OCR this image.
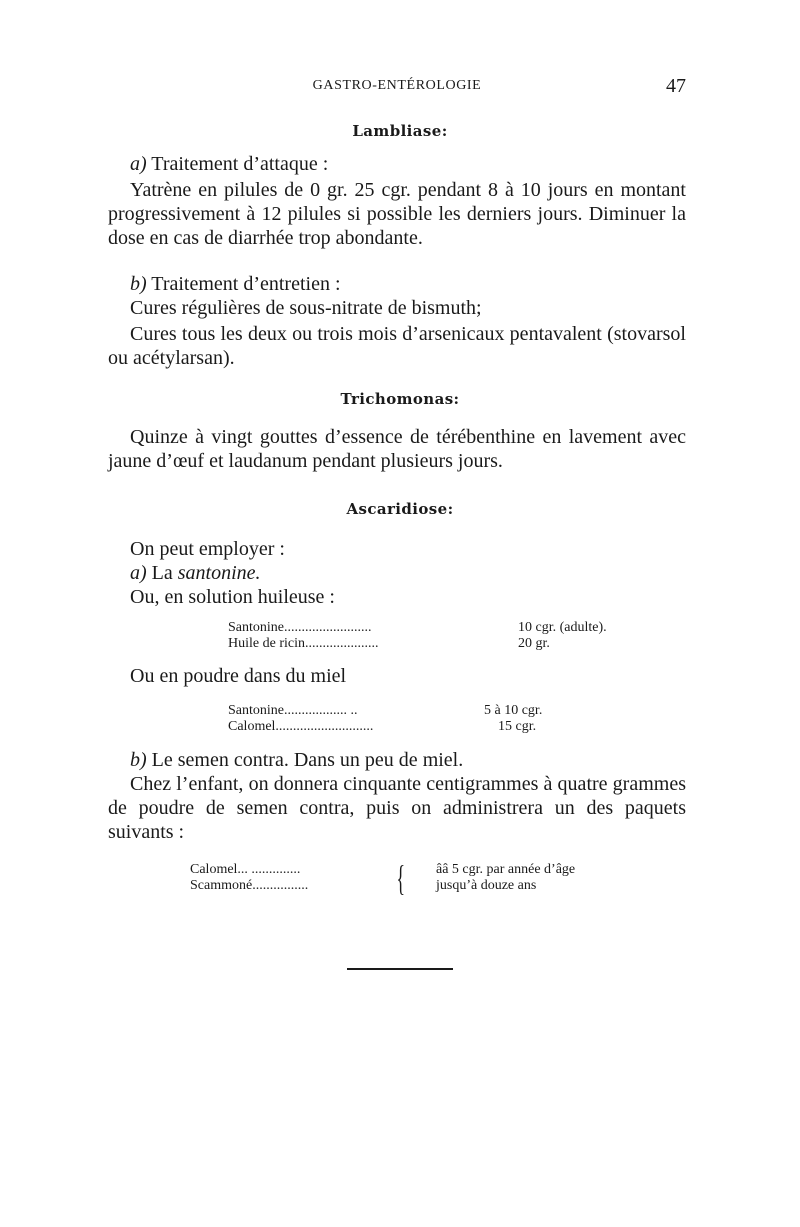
GASTRO-ENTÉROLOGIE	47
Lambliase:
a) Traitement d’attaque :
Yatrène en pilules de 0 gr. 25 cgr. pendant 8 à 10 jours en montant progressivement à 12 pilules si possible les derniers jours. Diminuer la dose en cas de diarrhée trop abondante.
b) Traitement d’entretien :
Cures régulières de sous-nitrate de bismuth;
Cures tous les deux ou trois mois d’arsenicaux pentavalent (stovarsol ou acétylarsan).
Trichomonas:
Quinze à vingt gouttes d’essence de térébenthine en lavement avec jaune d’œuf et laudanum pendant plusieurs jours.
Ascaridiose:
On peut employer :
a) La santonine.
Ou, en solution huileuse :
Santonine.........................	10 cgr. (adulte).
Huile de ricin.....................	20 gr.
Ou en poudre dans du miel
Santonine.................. ..	5 à 10 cgr.
Calomel............................	15 cgr.
b) Le semen contra. Dans un peu de miel.
Chez l’enfant, on donnera cinquante centigrammes à quatre grammes de poudre de semen contra, puis on administrera un des paquets suivants :
Calomel... ..............	ââ 5 cgr. par année d’âge
Scammoné................	jusqu’à douze ans
{
